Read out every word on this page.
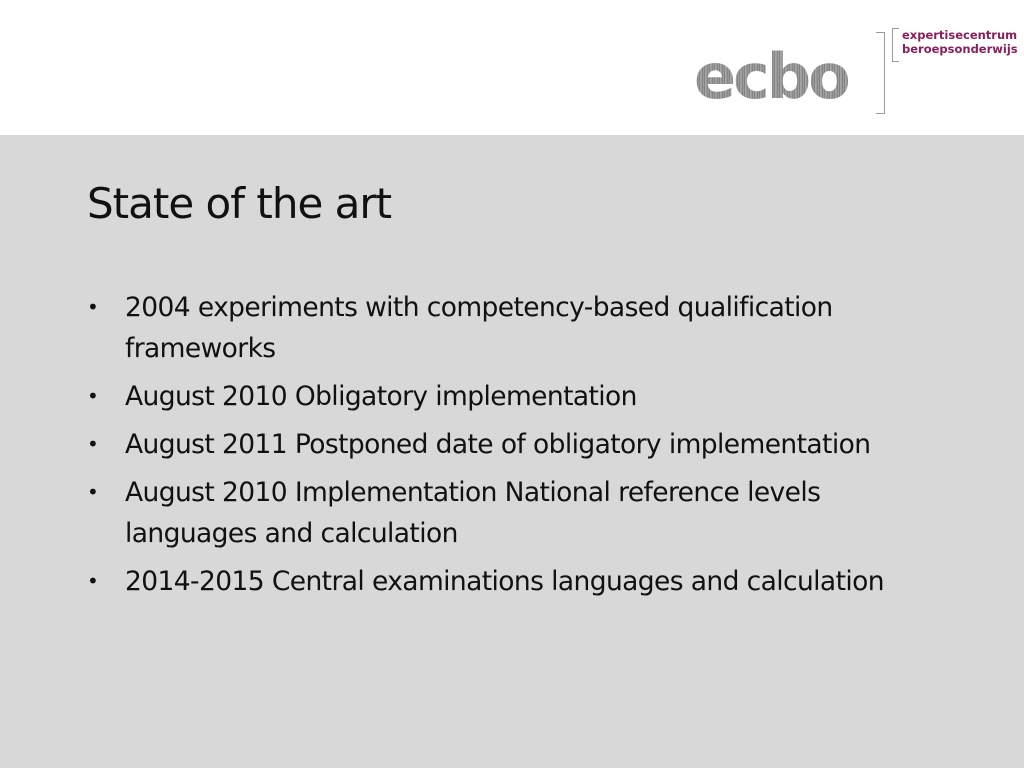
ecbo
expertisecentrum
beroepsonderwijs
State of the art
• 2004 experiments with competency-based qualification frameworks
• August 2010 Obligatory implementation
• August 2011 Postponed date of obligatory implementation
• August 2010 Implementation National reference levels languages and calculation
• 2014-2015 Central examinations languages and calculation
